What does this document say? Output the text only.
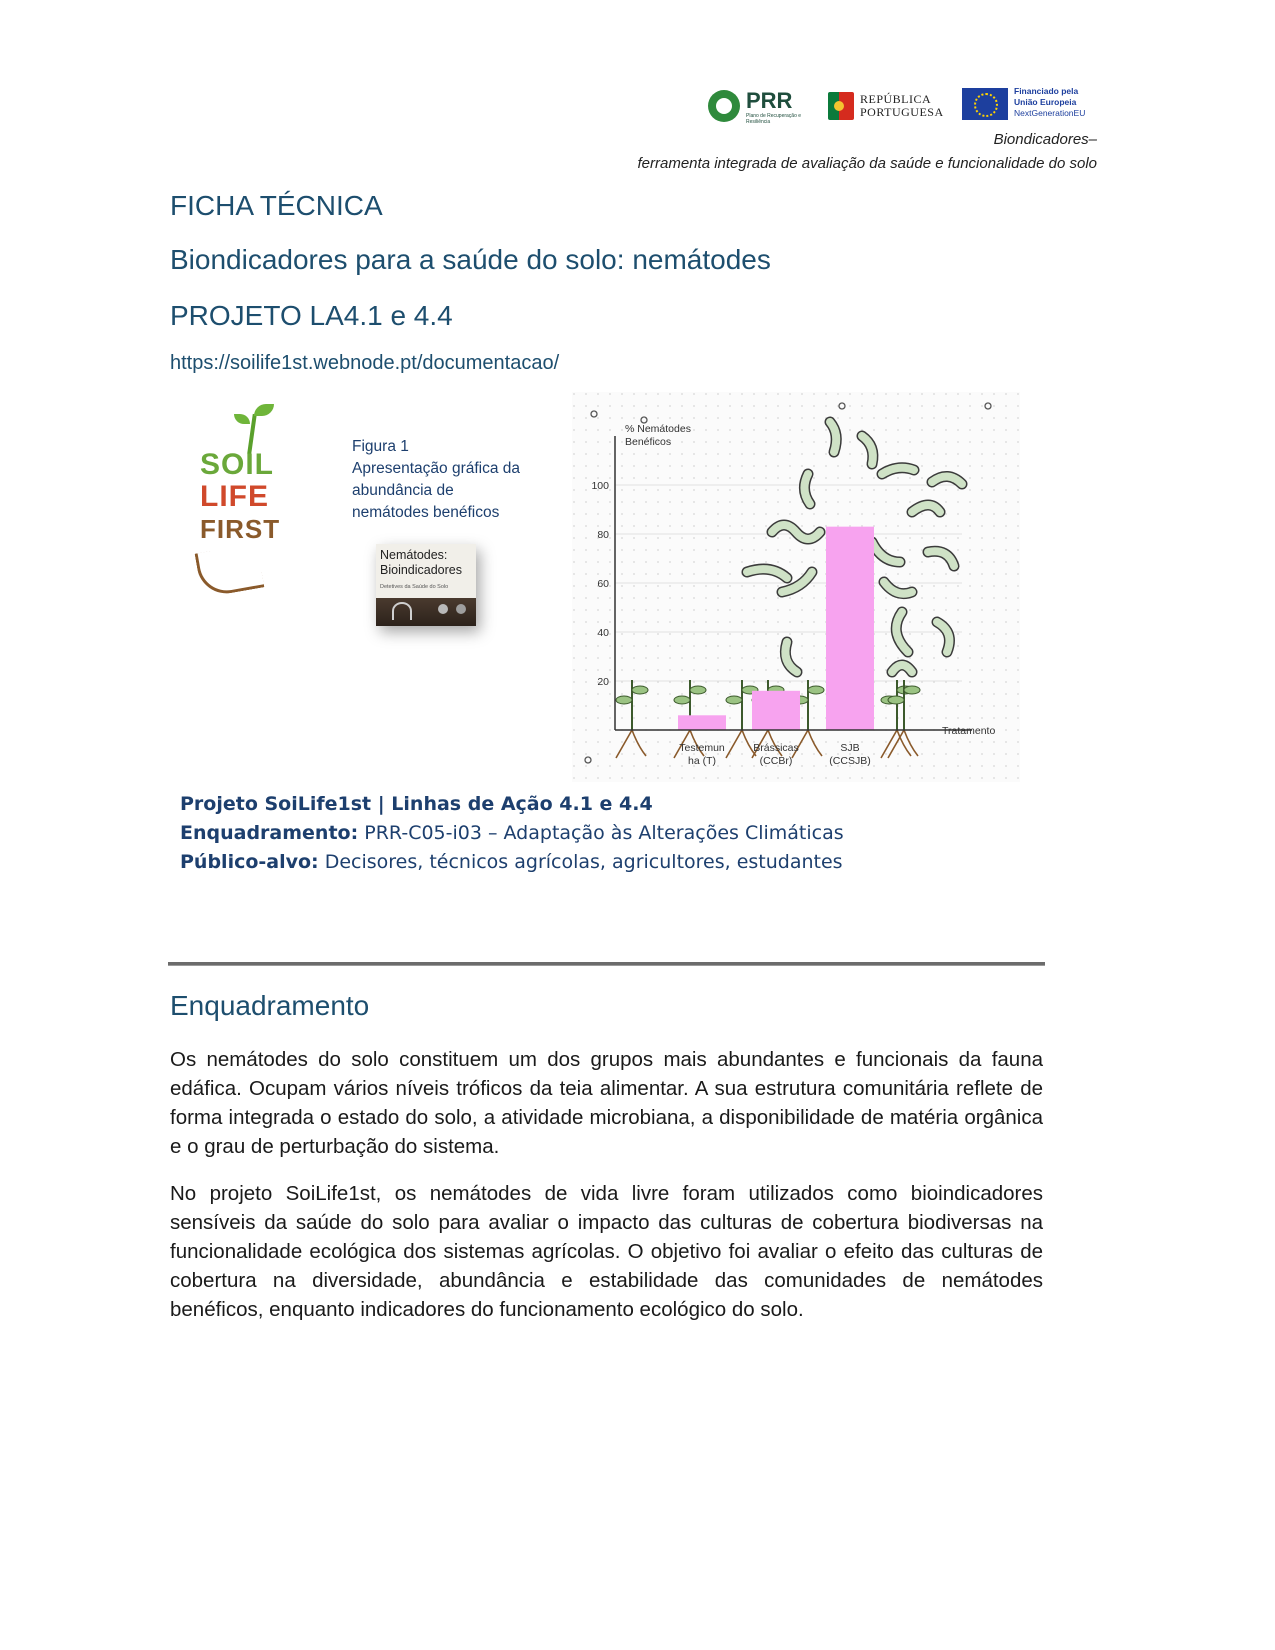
PRR
Plano de Recuperação e Resiliência
REPÚBLICA
PORTUGUESA
Financiado pela
União Europeia
NextGenerationEU
Biondicadores–
ferramenta integrada de avaliação da saúde e funcionalidade do solo
FICHA TÉCNICA
Biondicadores para a saúde do solo: nemátodes
PROJETO LA4.1 e 4.4
https://soilife1st.webnode.pt/documentacao/
SOIL
LIFE
FIRST
Figura 1
Apresentação gráfica da
abundância de
nemátodes benéficos
Nemátodes:
Bioindicadores
Detetives da Saúde do Solo
% Nemátodes
Benéficos
Tratamento
20
40
60
80
100
Testemun
ha (T)
Brássicas
(CCBr)
SJB
(CCSJB)
Projeto SoiLife1st | Linhas de Ação 4.1 e 4.4
Enquadramento: PRR-C05-i03 – Adaptação às Alterações Climáticas
Público-alvo: Decisores, técnicos agrícolas, agricultores, estudantes
Enquadramento
Os nemátodes do solo constituem um dos grupos mais abundantes e funcionais da fauna edáfica. Ocupam vários níveis tróficos da teia alimentar. A sua estrutura comunitária reflete de forma integrada o estado do solo, a atividade microbiana, a disponibilidade de matéria orgânica e o grau de perturbação do sistema.
No projeto SoiLife1st, os nemátodes de vida livre foram utilizados como bioindicadores sensíveis da saúde do solo para avaliar o impacto das culturas de cobertura biodiversas na funcionalidade ecológica dos sistemas agrícolas. O objetivo foi avaliar o efeito das culturas de cobertura na diversidade, abundância e estabilidade das comunidades de nemátodes benéficos, enquanto indicadores do funcionamento ecológico do solo.
